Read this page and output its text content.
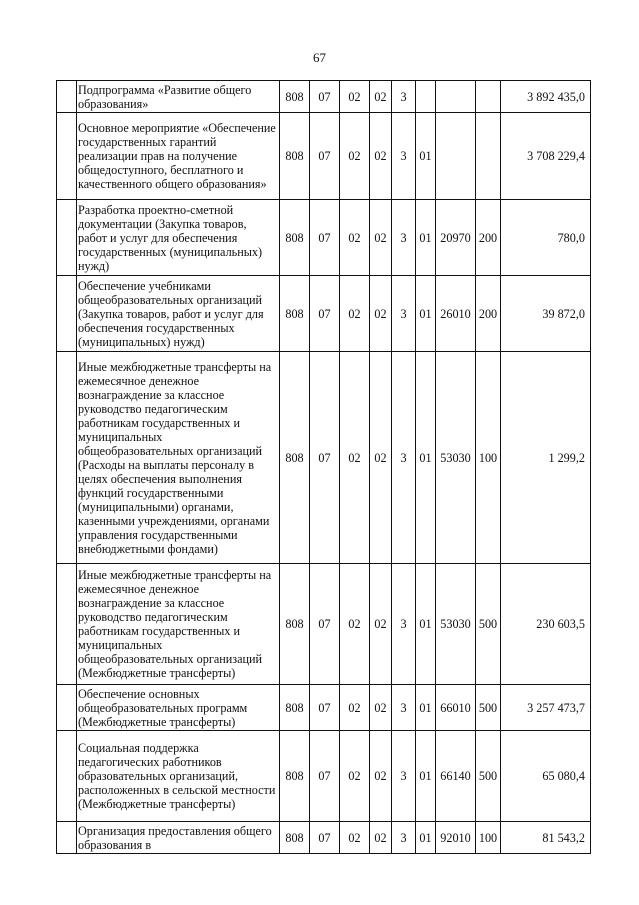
67
	Подпрограмма «Развитие общего образования»	808	07	02	02	3				3 892 435,0
	Основное мероприятие «Обеспечение государственных гарантий реализации прав на получение общедоступного, бесплатного и качественного общего образования»	808	07	02	02	3	01			3 708 229,4
	Разработка проектно-сметной документации (Закупка товаров, работ и услуг для обеспечения государственных (муниципальных) нужд)	808	07	02	02	3	01	20970	200	780,0
	Обеспечение учебниками общеобразовательных организаций (Закупка товаров, работ и услуг для обеспечения государственных (муниципальных) нужд)	808	07	02	02	3	01	26010	200	39 872,0
	Иные межбюджетные трансферты на ежемесячное денежное вознаграждение за классное руководство педагогическим работникам государственных и муниципальных общеобразовательных организаций (Расходы на выплаты персоналу в целях обеспечения выполнения функций государственными (муниципальными) органами, казенными учреждениями, органами управления государственными внебюджетными фондами)	808	07	02	02	3	01	53030	100	1 299,2
	Иные межбюджетные трансферты на ежемесячное денежное вознаграждение за классное руководство педагогическим работникам государственных и муниципальных общеобразовательных организаций (Межбюджетные трансферты)	808	07	02	02	3	01	53030	500	230 603,5
	Обеспечение основных общеобразовательных программ (Межбюджетные трансферты)	808	07	02	02	3	01	66010	500	3 257 473,7
	Социальная поддержка педагогических работников образовательных организаций, расположенных в сельской местности (Межбюджетные трансферты)	808	07	02	02	3	01	66140	500	65 080,4
	Организация предоставления общего образования в	808	07	02	02	3	01	92010	100	81 543,2
